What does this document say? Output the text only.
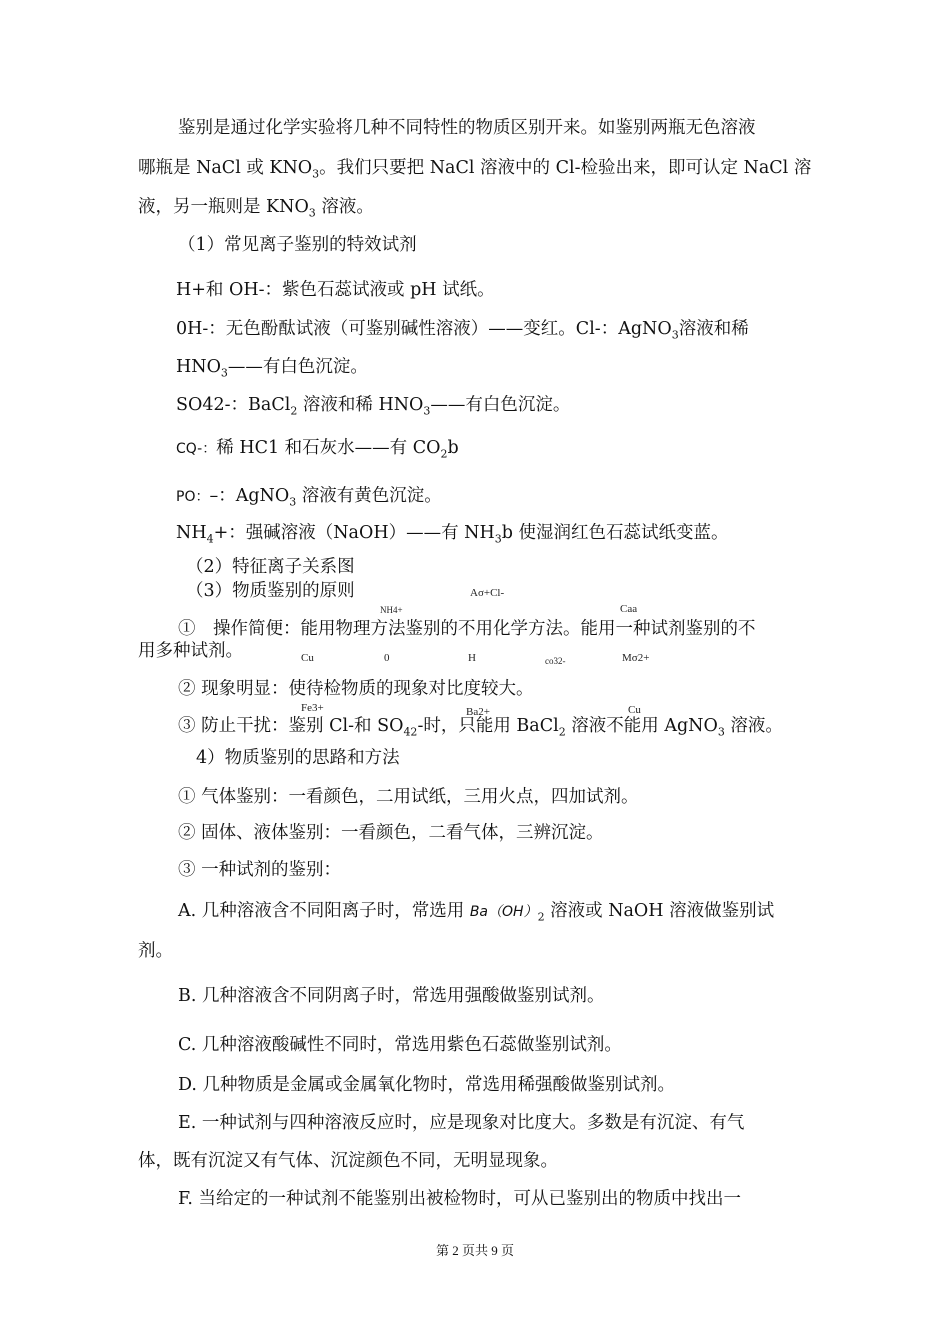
鉴别是通过化学实验将几种不同特性的物质区别开来。如鉴别两瓶无色溶液
哪瓶是 NaCl 或 $KNO_3$。我们只要把 NaCl 溶液中的 Cl-检验出来，即可认定 NaCl 溶
液，另一瓶则是 $KNO_3$ 溶液。
（1）常见离子鉴别的特效试剂
H+和 OH-：紫色石蕊试液或 pH 试纸。
0H-：无色酚酞试液（可鉴别碱性溶液）——变红。Cl-：AgNO$_3$溶液和稀
$HNO_3——$有白色沉淀。
SO42-：BaCl$_2$ 溶液和稀 $HNO_3——$有白色沉淀。
CQ-：稀 HC1 和石灰水——有 $CO_2b$
PO：–：AgNO$_3$ 溶液有黄色沉淀。
$NH_4+$：强碱溶液（NaOH）——有 $NH_3b$ 使湿润红色石蕊试纸变蓝。
（2）特征离子关系图
（3）物质鉴别的原则	Aσ+Cl-
NH4+	Caa
①　操作简便：能用物理方法鉴别的不用化学方法。能用一种试剂鉴别的不
用多种试剂。	Cu	0	H	co32-	Mσ2+
② 现象明显：使待检物质的现象对比度较大。
Fe3+	Ba2+	Cu
③ 防止干扰：鉴别 Cl-和 $SO_{42}-$时，只能用 BaCl$_2$ 溶液不能用 AgNO$_3$ 溶液。
4）物质鉴别的思路和方法
① 气体鉴别：一看颜色，二用试纸，三用火点，四加试剂。
② 固体、液体鉴别：一看颜色，二看气体，三辨沉淀。
③ 一种试剂的鉴别：
A. 几种溶液含不同阳离子时，常选用 $Ba(OH)_2$ 溶液或 NaOH 溶液做鉴别试
剂。
B. 几种溶液含不同阴离子时，常选用强酸做鉴别试剂。
C. 几种溶液酸碱性不同时，常选用紫色石蕊做鉴别试剂。
D. 几种物质是金属或金属氧化物时，常选用稀强酸做鉴别试剂。
E. 一种试剂与四种溶液反应时，应是现象对比度大。多数是有沉淀、有气
体，既有沉淀又有气体、沉淀颜色不同，无明显现象。
F. 当给定的一种试剂不能鉴别出被检物时，可从已鉴别出的物质中找出一
第 2 页共 9 页
